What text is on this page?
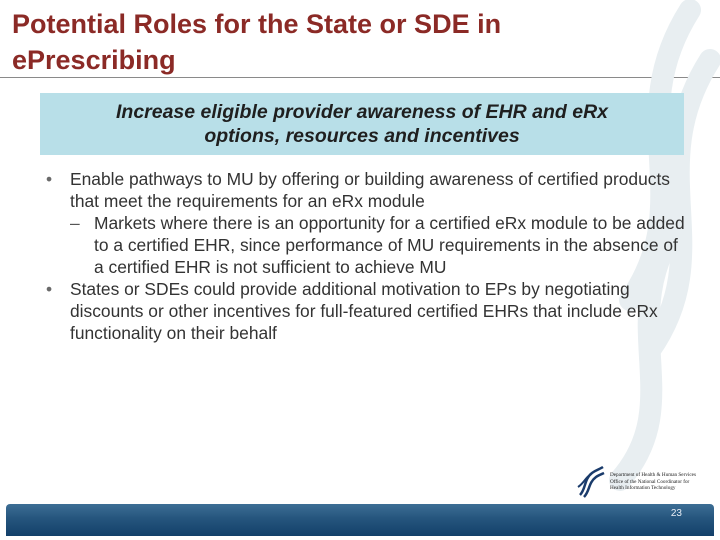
Potential Roles for the State or SDE in ePrescribing
Increase eligible provider awareness of EHR and eRx options, resources and incentives
•	Enable pathways to MU by offering or building awareness of certified products that meet the requirements for an eRx module
– Markets where there is an opportunity for a certified eRx module to be added to a certified EHR, since performance of MU requirements in the absence of a certified EHR is not sufficient to achieve MU
•	States or SDEs could provide additional motivation to EPs by negotiating discounts or other incentives for full-featured certified EHRs that include eRx functionality on their behalf
Department of Health & Human Services
Office of the National Coordinator for
Health Information Technology
23
